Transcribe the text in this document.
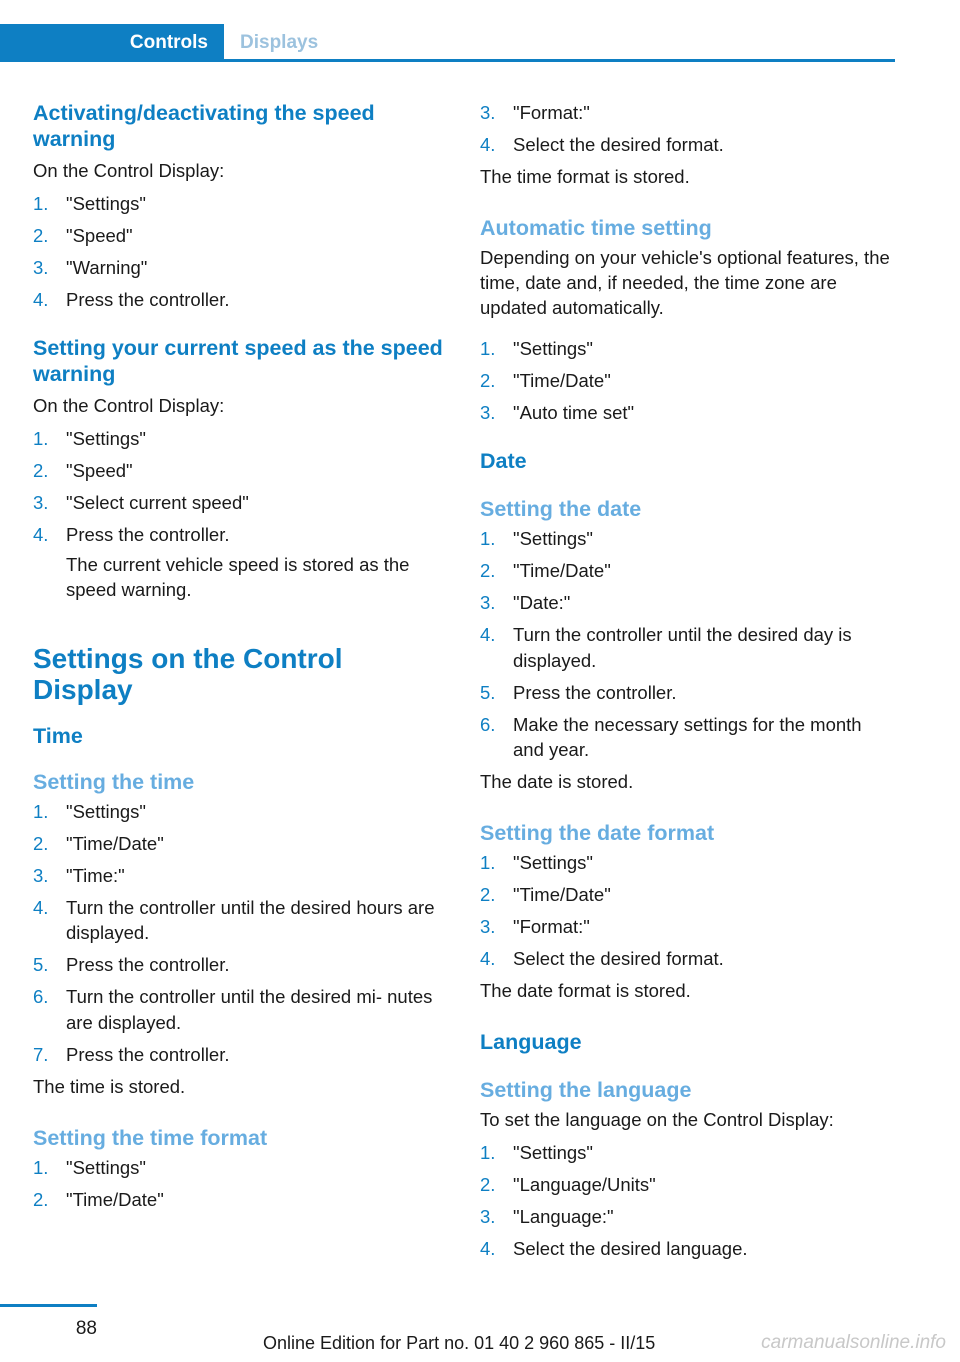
Controls Displays
Activating/deactivating the speed warning

On the Control Display:

1. "Settings"
2. "Speed"
3. "Warning"
4. Press the controller.
Setting your current speed as the speed warning

On the Control Display:

1. "Settings"
2. "Speed"
3. "Select current speed"
4. Press the controller.

The current vehicle speed is stored as the speed warning.

Settings on the Control Display
Time
Setting the time
1. "Settings"
2. "Time/Date"
3. "Time:"
4. Turn the controller until the desired hours are displayed.
5. Press the controller.
6. Turn the controller until the desired mi‐ nutes are displayed.
7. Press the controller.

The time is stored.

Setting the time format
1. "Settings"
2. "Time/Date"
3. "Format:"
4. Select the desired format.

The time format is stored.

Automatic time setting

Depending on your vehicle's optional features, the time, date and, if needed, the time zone are updated automatically.

1. "Settings"
2. "Time/Date"
3. "Auto time set"
Date
Setting the date
1. "Settings"
2. "Time/Date"
3. "Date:"
4. Turn the controller until the desired day is displayed.
5. Press the controller.
6. Make the necessary settings for the month and year.

The date is stored.

Setting the date format
1. "Settings"
2. "Time/Date"
3. "Format:"
4. Select the desired format.

The date format is stored.

Language
Setting the language

To set the language on the Control Display:

1. "Settings"
2. "Language/Units"
3. "Language:"
4. Select the desired language.
88
Online Edition for Part no. 01 40 2 960 865 - II/15	carmanualsonline.info
